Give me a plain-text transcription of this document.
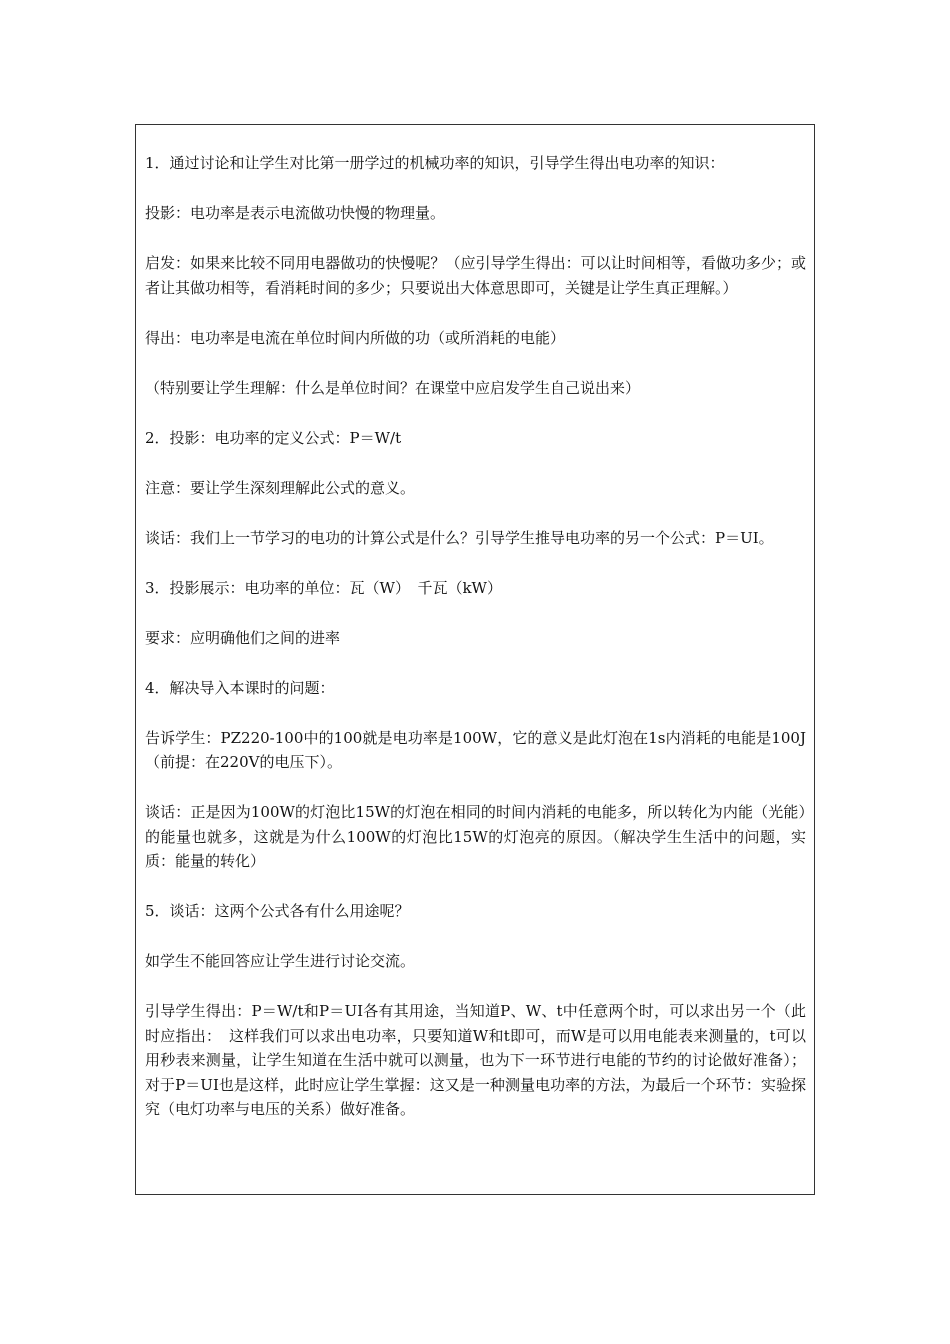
1．通过讨论和让学生对比第一册学过的机械功率的知识，引导学生得出电功率的知识：

投影：电功率是表示电流做功快慢的物理量。

启发：如果来比较不同用电器做功的快慢呢？（应引导学生得出：可以让时间相等，看做功多少；或者让其做功相等，看消耗时间的多少；只要说出大体意思即可，关键是让学生真正理解。）

得出：电功率是电流在单位时间内所做的功（或所消耗的电能）

（特别要让学生理解：什么是单位时间？在课堂中应启发学生自己说出来）

2．投影：电功率的定义公式：P＝W/t

注意：要让学生深刻理解此公式的意义。

谈话：我们上一节学习的电功的计算公式是什么？引导学生推导电功率的另一个公式：P＝UI。

3．投影展示：电功率的单位：瓦（W）　千瓦（kW）

要求：应明确他们之间的进率

4．解决导入本课时的问题：

告诉学生：PZ220-100中的100就是电功率是100W，它的意义是此灯泡在1s内消耗的电能是100J（前提：在220V的电压下）。

谈话：正是因为100W的灯泡比15W的灯泡在相同的时间内消耗的电能多，所以转化为内能（光能）的能量也就多，这就是为什么100W的灯泡比15W的灯泡亮的原因。（解决学生生活中的问题，实质：能量的转化）

5．谈话：这两个公式各有什么用途呢？

如学生不能回答应让学生进行讨论交流。

引导学生得出：P＝W/t和P＝UI各有其用途，当知道P、W、t中任意两个时，可以求出另一个（此时应指出：　这样我们可以求出电功率，只要知道W和t即可，而W是可以用电能表来测量的，t可以用秒表来测量，让学生知道在生活中就可以测量，也为下一环节进行电能的节约的讨论做好准备）；对于P＝UI也是这样，此时应让学生掌握：这又是一种测量电功率的方法，为最后一个环节：实验探究（电灯功率与电压的关系）做好准备。
